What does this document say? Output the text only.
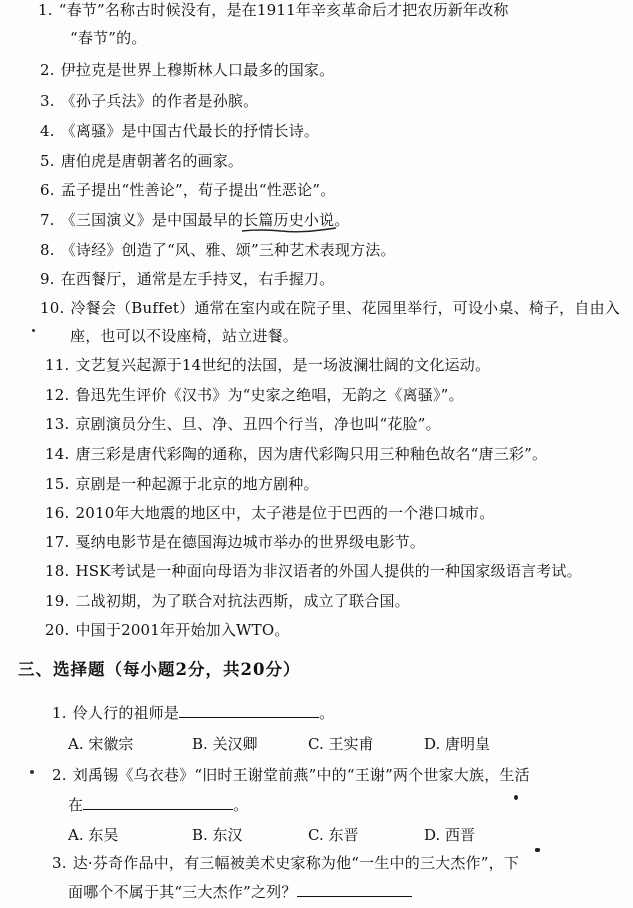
1. “春节”名称古时候没有，是在1911年辛亥革命后才把农历新年改称
“春节”的。
2. 伊拉克是世界上穆斯林人口最多的国家。
3. 《孙子兵法》的作者是孙膑。
4. 《离骚》是中国古代最长的抒情长诗。
5. 唐伯虎是唐朝著名的画家。
6. 孟子提出“性善论”，荀子提出“性恶论”。
7. 《三国演义》是中国最早的长篇历史小说
。
8. 《诗经》创造了“风、雅、颂”三种艺术表现方法。
9. 在西餐厅，通常是左手持叉，右手握刀。
10. 冷餐会（Buffet）通常在室内或在院子里、花园里举行，可设小桌、椅子，自由入
座，也可以不设座椅，站立进餐。
11. 文艺复兴起源于14世纪的法国，是一场波澜壮阔的文化运动。
12. 鲁迅先生评价《汉书》为“史家之绝唱，无韵之《离骚》”。
13. 京剧演员分生、旦、净、丑四个行当，净也叫“花脸”。
14. 唐三彩是唐代彩陶的通称，因为唐代彩陶只用三种釉色故名“唐三彩”。
15. 京剧是一种起源于北京的地方剧种。
16. 2010年大地震的地区中，太子港是位于巴西的一个港口城市。
17. 戛纳电影节是在德国海边城市举办的世界级电影节。
18. HSK考试是一种面向母语为非汉语者的外国人提供的一种国家级语言考试。
19. 二战初期，为了联合对抗法西斯，成立了联合国。
20. 中国于2001年开始加入WTO。
三、选择题（每小题2分，共20分）
1. 伶人行的祖师是	。
A. 宋徽宗	B. 关汉卿	C. 王实甫	D. 唐明皇
2. 刘禹锡《乌衣巷》“旧时王谢堂前燕”中的“王谢”两个世家大族，生活
在	。
A. 东吴	B. 东汉	C. 东晋	D. 西晋
3. 达·芬奇作品中，有三幅被美术史家称为他“一生中的三大杰作”，下
面哪个不属于其“三大杰作”之列？
